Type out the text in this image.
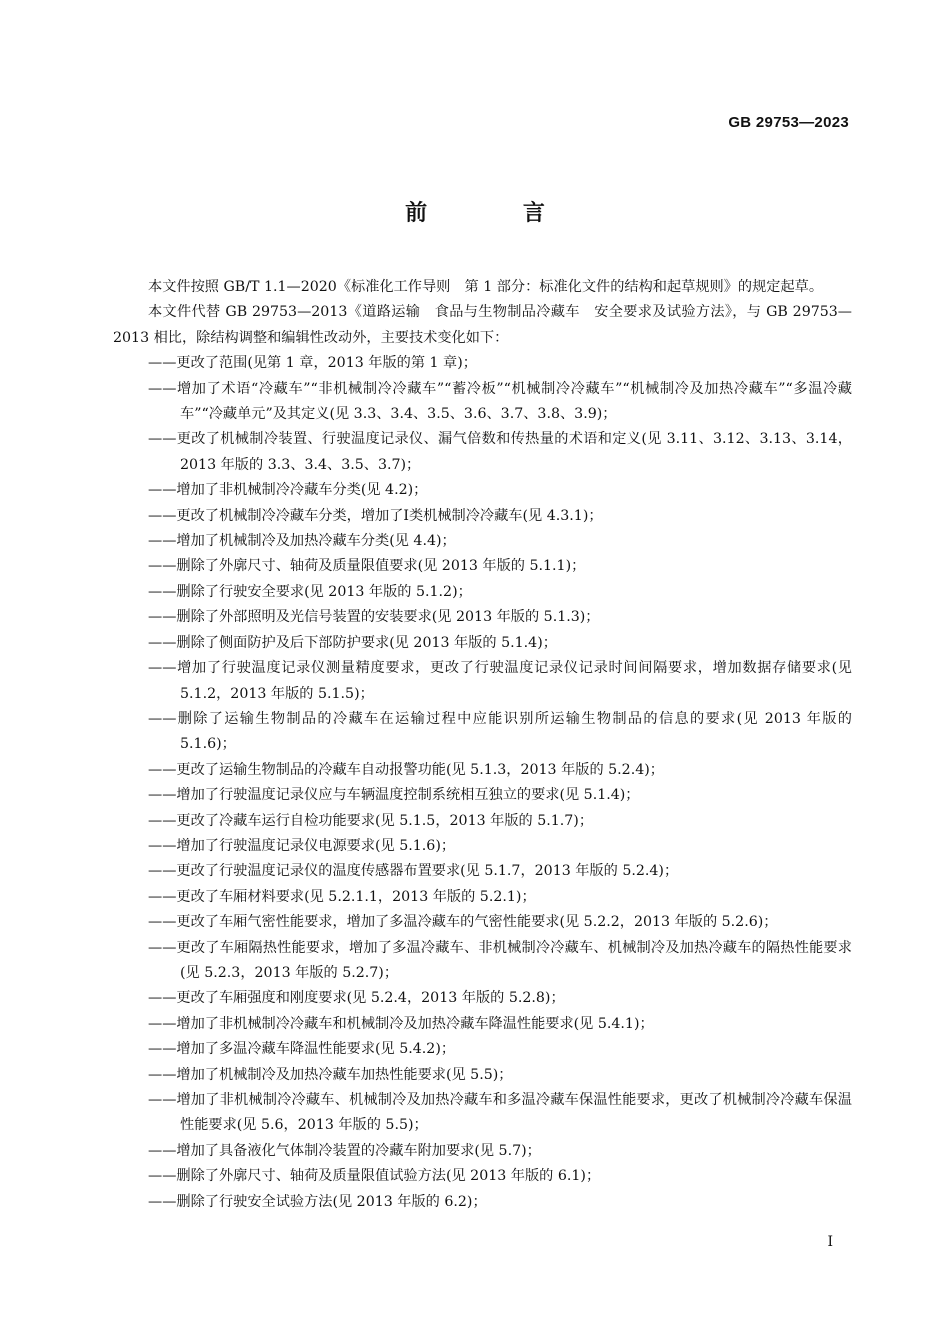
GB 29753—2023
前 言

本文件按照 GB/T 1.1—2020《标准化工作导则　第 1 部分：标准化文件的结构和起草规则》的规定起草。

本文件代替 GB 29753—2013《道路运输　食品与生物制品冷藏车　安全要求及试验方法》，与 GB 29753—2013 相比，除结构调整和编辑性改动外，主要技术变化如下：

——更改了范围(见第 1 章，2013 年版的第 1 章)；

——增加了术语“冷藏车”“非机械制冷冷藏车”“蓄冷板”“机械制冷冷藏车”“机械制冷及加热冷藏车”“多温冷藏车”“冷藏单元”及其定义(见 3.3、3.4、3.5、3.6、3.7、3.8、3.9)；

——更改了机械制冷装置、行驶温度记录仪、漏气倍数和传热量的术语和定义(见 3.11、3.12、3.13、3.14，2013 年版的 3.3、3.4、3.5、3.7)；

——增加了非机械制冷冷藏车分类(见 4.2)；

——更改了机械制冷冷藏车分类，增加了Ⅰ类机械制冷冷藏车(见 4.3.1)；

——增加了机械制冷及加热冷藏车分类(见 4.4)；

——删除了外廓尺寸、轴荷及质量限值要求(见 2013 年版的 5.1.1)；

——删除了行驶安全要求(见 2013 年版的 5.1.2)；

——删除了外部照明及光信号装置的安装要求(见 2013 年版的 5.1.3)；

——删除了侧面防护及后下部防护要求(见 2013 年版的 5.1.4)；

——增加了行驶温度记录仪测量精度要求，更改了行驶温度记录仪记录时间间隔要求，增加数据存储要求(见 5.1.2，2013 年版的 5.1.5)；

——删除了运输生物制品的冷藏车在运输过程中应能识别所运输生物制品的信息的要求(见 2013 年版的 5.1.6)；

——更改了运输生物制品的冷藏车自动报警功能(见 5.1.3，2013 年版的 5.2.4)；

——增加了行驶温度记录仪应与车辆温度控制系统相互独立的要求(见 5.1.4)；

——更改了冷藏车运行自检功能要求(见 5.1.5，2013 年版的 5.1.7)；

——增加了行驶温度记录仪电源要求(见 5.1.6)；

——更改了行驶温度记录仪的温度传感器布置要求(见 5.1.7，2013 年版的 5.2.4)；

——更改了车厢材料要求(见 5.2.1.1，2013 年版的 5.2.1)；

——更改了车厢气密性能要求，增加了多温冷藏车的气密性能要求(见 5.2.2，2013 年版的 5.2.6)；

——更改了车厢隔热性能要求，增加了多温冷藏车、非机械制冷冷藏车、机械制冷及加热冷藏车的隔热性能要求(见 5.2.3，2013 年版的 5.2.7)；

——更改了车厢强度和刚度要求(见 5.2.4，2013 年版的 5.2.8)；

——增加了非机械制冷冷藏车和机械制冷及加热冷藏车降温性能要求(见 5.4.1)；

——增加了多温冷藏车降温性能要求(见 5.4.2)；

——增加了机械制冷及加热冷藏车加热性能要求(见 5.5)；

——增加了非机械制冷冷藏车、机械制冷及加热冷藏车和多温冷藏车保温性能要求，更改了机械制冷冷藏车保温性能要求(见 5.6，2013 年版的 5.5)；

——增加了具备液化气体制冷装置的冷藏车附加要求(见 5.7)；

——删除了外廓尺寸、轴荷及质量限值试验方法(见 2013 年版的 6.1)；

——删除了行驶安全试验方法(见 2013 年版的 6.2)；

I
